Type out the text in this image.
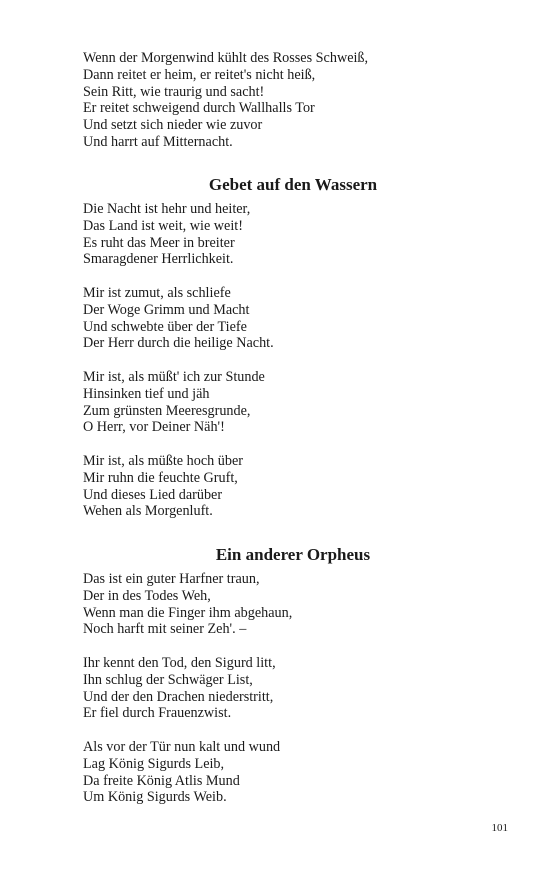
Wenn der Morgenwind kühlt des Rosses Schweiß,
Dann reitet er heim, er reitet's nicht heiß,
Sein Ritt, wie traurig und sacht!
Er reitet schweigend durch Wallhalls Tor
Und setzt sich nieder wie zuvor
Und harrt auf Mitternacht.
Gebet auf den Wassern
Die Nacht ist hehr und heiter,
Das Land ist weit, wie weit!
Es ruht das Meer in breiter
Smaragdener Herrlichkeit.
Mir ist zumut, als schliefe
Der Woge Grimm und Macht
Und schwebte über der Tiefe
Der Herr durch die heilige Nacht.
Mir ist, als müßt' ich zur Stunde
Hinsinken tief und jäh
Zum grünsten Meeresgrunde,
O Herr, vor Deiner Näh'!
Mir ist, als müßte hoch über
Mir ruhn die feuchte Gruft,
Und dieses Lied darüber
Wehen als Morgenluft.
Ein anderer Orpheus
Das ist ein guter Harfner traun,
Der in des Todes Weh,
Wenn man die Finger ihm abgehaun,
Noch harft mit seiner Zeh'. –
Ihr kennt den Tod, den Sigurd litt,
Ihn schlug der Schwäger List,
Und der den Drachen niederstritt,
Er fiel durch Frauenzwist.
Als vor der Tür nun kalt und wund
Lag König Sigurds Leib,
Da freite König Atlis Mund
Um König Sigurds Weib.
101
